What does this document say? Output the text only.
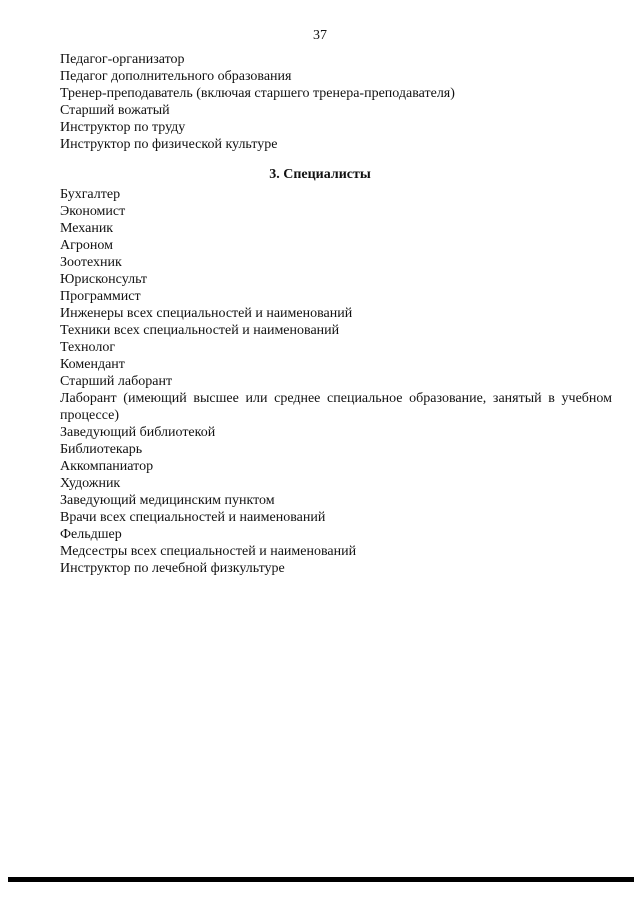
37
Педагог-организатор
Педагог дополнительного образования
Тренер-преподаватель (включая старшего тренера-преподавателя)
Старший вожатый
Инструктор по труду
Инструктор по физической культуре
3. Специалисты
Бухгалтер
Экономист
Механик
Агроном
Зоотехник
Юрисконсульт
Программист
Инженеры всех специальностей и наименований
Техники всех специальностей и наименований
Технолог
Комендант
Старший лаборант
Лаборант (имеющий высшее или среднее специальное образование, занятый в учебном процессе)
Заведующий библиотекой
Библиотекарь
Аккомпаниатор
Художник
Заведующий медицинским пунктом
Врачи всех специальностей и наименований
Фельдшер
Медсестры всех специальностей и наименований
Инструктор по лечебной физкультуре
